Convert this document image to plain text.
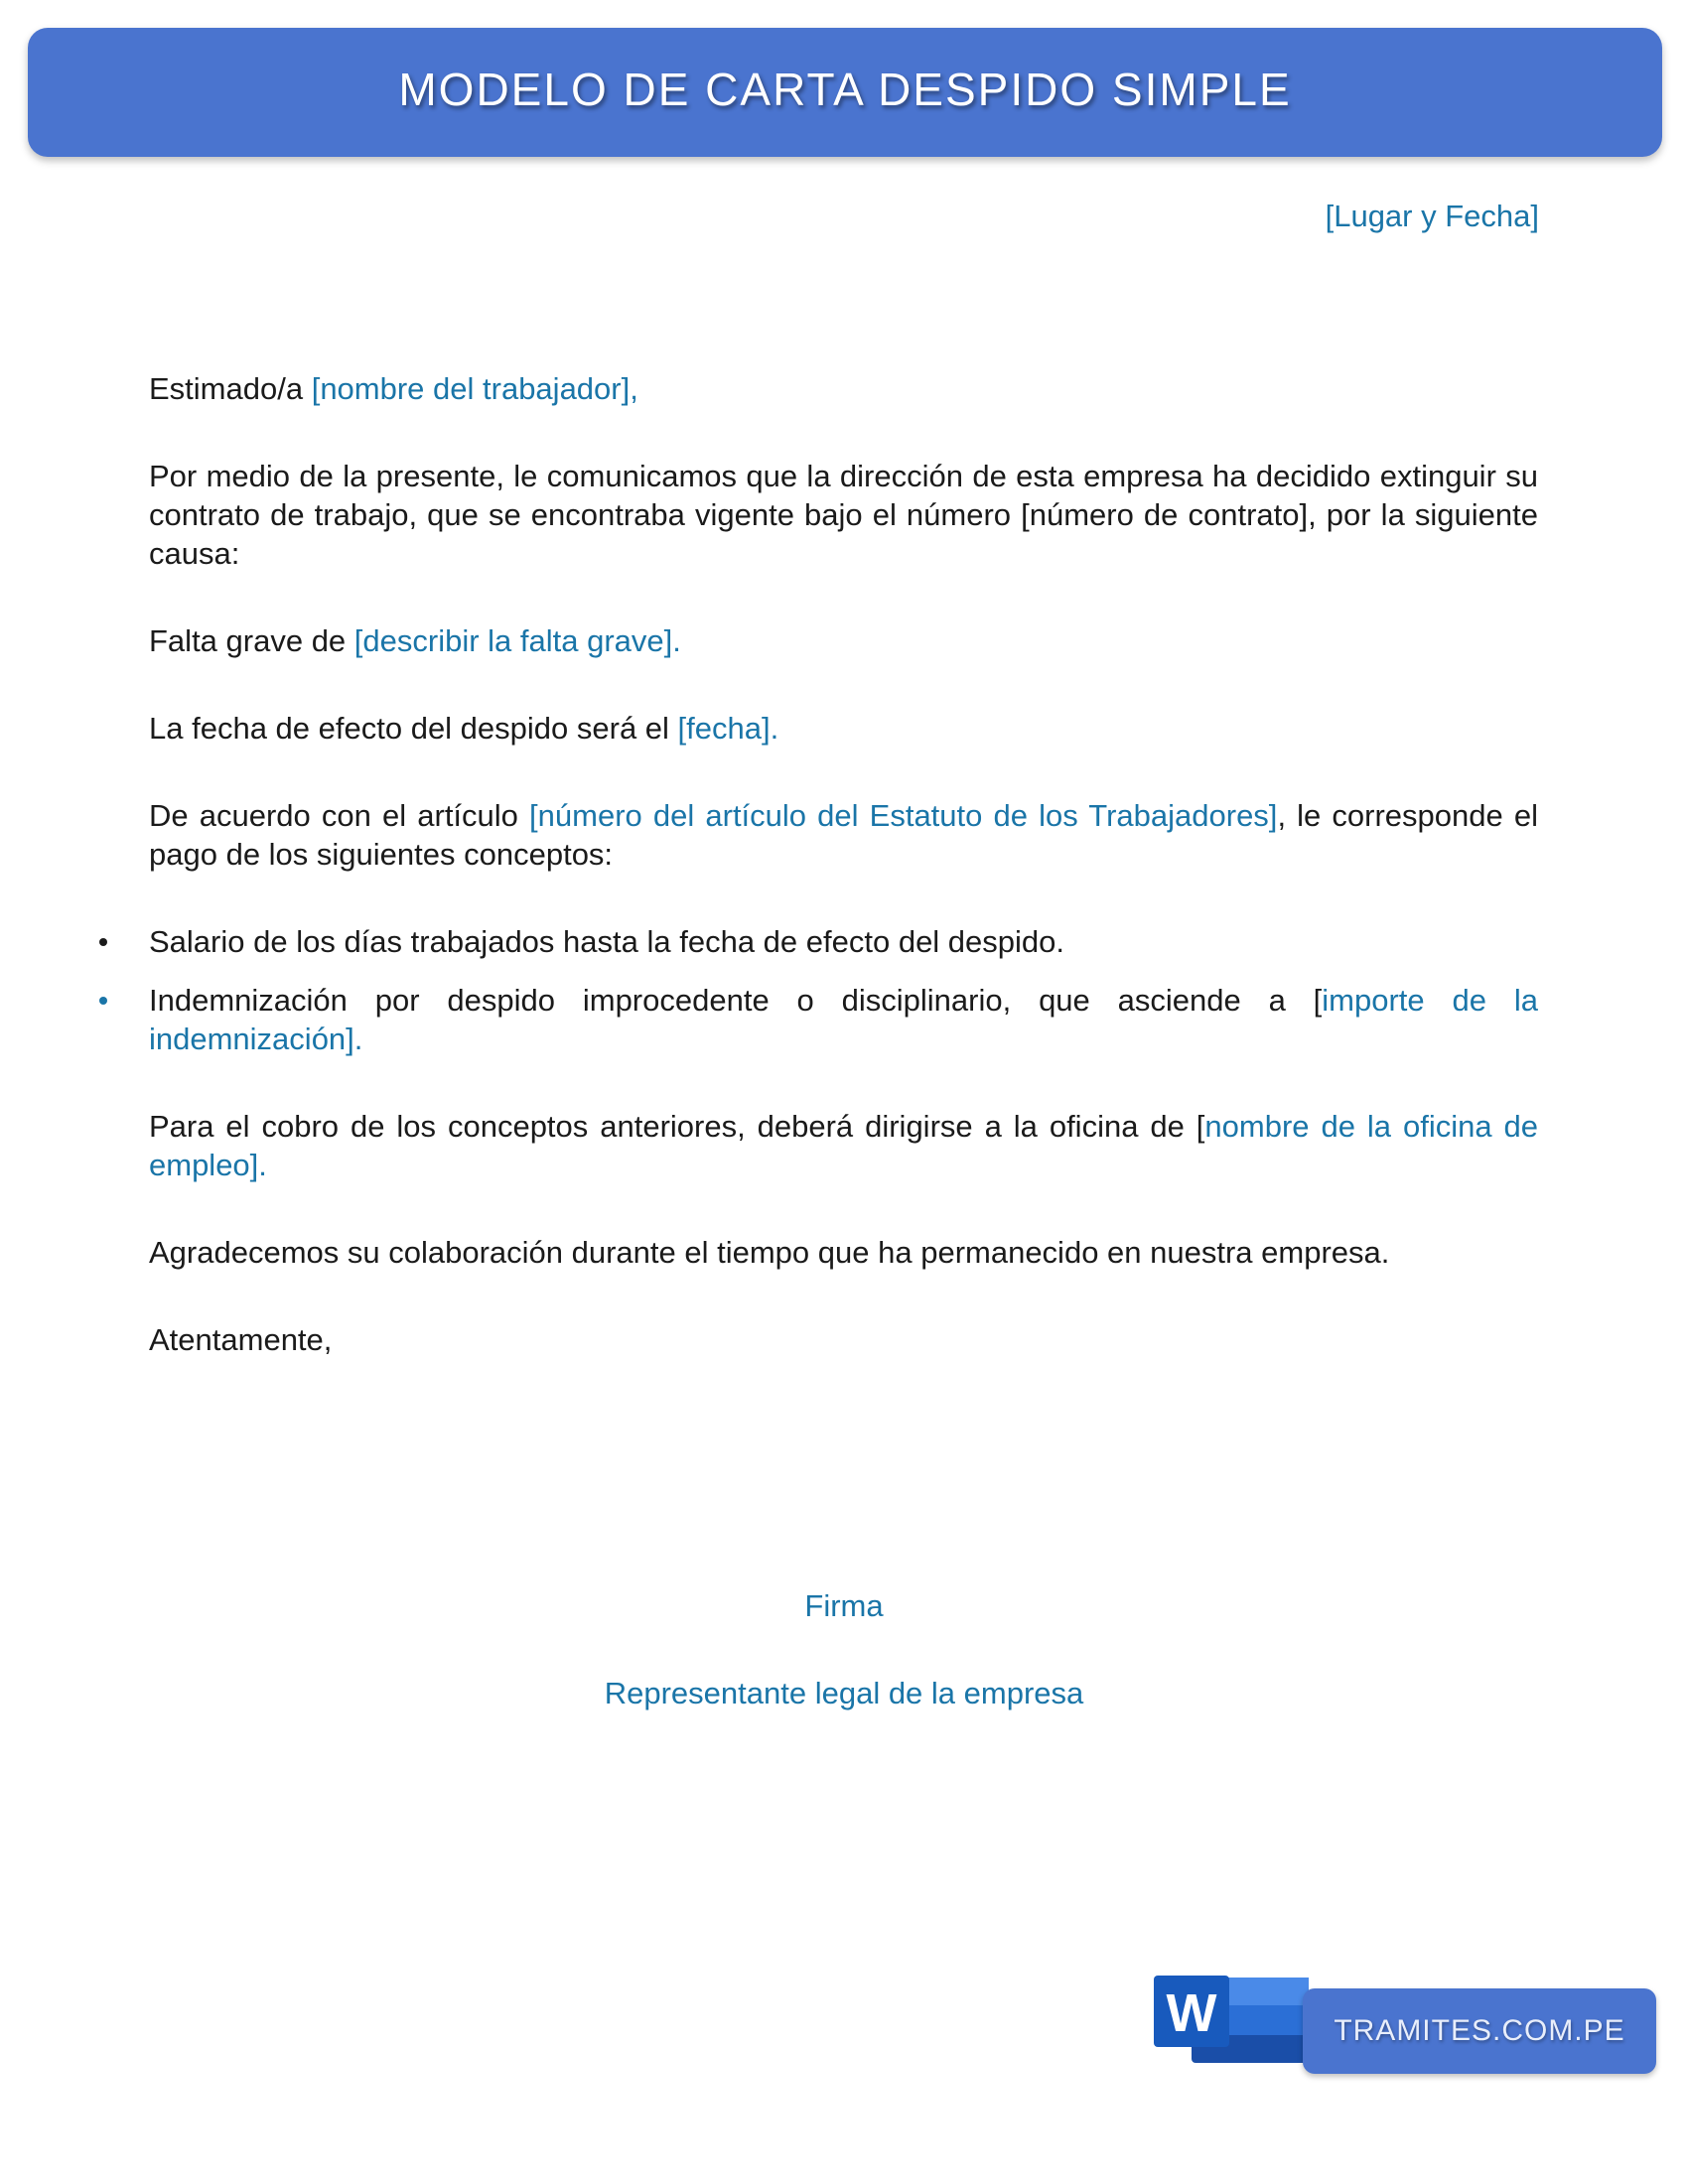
MODELO DE CARTA DESPIDO SIMPLE
[Lugar y Fecha]

Estimado/a [nombre del trabajador],

Por medio de la presente, le comunicamos que la dirección de esta empresa ha decidido extinguir su contrato de trabajo, que se encontraba vigente bajo el número [número de contrato], por la siguiente causa:

Falta grave de [describir la falta grave].

La fecha de efecto del despido será el [fecha].

De acuerdo con el artículo [número del artículo del Estatuto de los Trabajadores], le corresponde el pago de los siguientes conceptos:

Salario de los días trabajados hasta la fecha de efecto del despido.
Indemnización por despido improcedente o disciplinario, que asciende a [importe de la indemnización].

Para el cobro de los conceptos anteriores, deberá dirigirse a la oficina de [nombre de la oficina de empleo].

Agradecemos su colaboración durante el tiempo que ha permanecido en nuestra empresa.

Atentamente,

Firma
Representante legal de la empresa
W	TRAMITES.COM.PE
